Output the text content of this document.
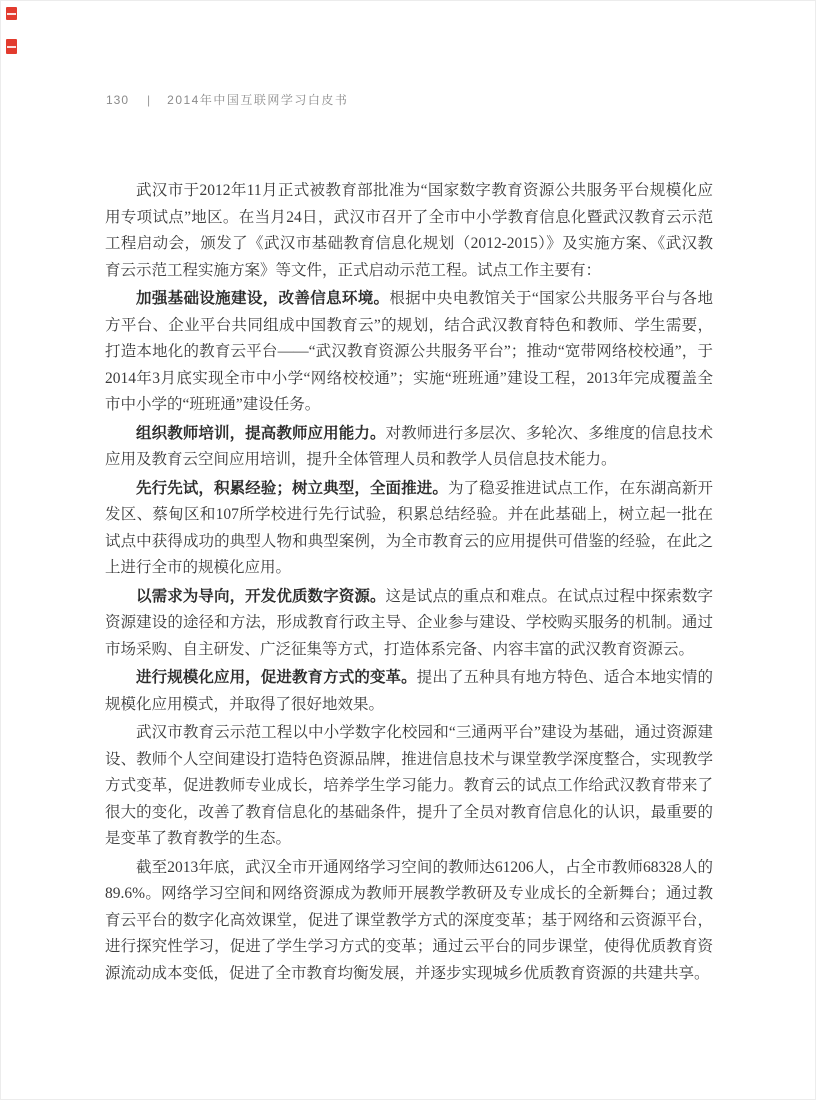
130 | 2014年中国互联网学习白皮书

武汉市于2012年11月正式被教育部批准为“国家数字教育资源公共服务平台规模化应用专项试点”地区。在当月24日，武汉市召开了全市中小学教育信息化暨武汉教育云示范工程启动会，颁发了《武汉市基础教育信息化规划（2012-2015）》及实施方案、《武汉教育云示范工程实施方案》等文件，正式启动示范工程。试点工作主要有：

加强基础设施建设，改善信息环境。根据中央电教馆关于“国家公共服务平台与各地方平台、企业平台共同组成中国教育云”的规划，结合武汉教育特色和教师、学生需要，打造本地化的教育云平台——“武汉教育资源公共服务平台”；推动“宽带网络校校通”，于2014年3月底实现全市中小学“网络校校通”；实施“班班通”建设工程，2013年完成覆盖全市中小学的“班班通”建设任务。

组织教师培训，提高教师应用能力。对教师进行多层次、多轮次、多维度的信息技术应用及教育云空间应用培训，提升全体管理人员和教学人员信息技术能力。

先行先试，积累经验；树立典型，全面推进。为了稳妥推进试点工作，在东湖高新开发区、蔡甸区和107所学校进行先行试验，积累总结经验。并在此基础上，树立起一批在试点中获得成功的典型人物和典型案例，为全市教育云的应用提供可借鉴的经验，在此之上进行全市的规模化应用。

以需求为导向，开发优质数字资源。这是试点的重点和难点。在试点过程中探索数字资源建设的途径和方法，形成教育行政主导、企业参与建设、学校购买服务的机制。通过市场采购、自主研发、广泛征集等方式，打造体系完备、内容丰富的武汉教育资源云。

进行规模化应用，促进教育方式的变革。提出了五种具有地方特色、适合本地实情的规模化应用模式，并取得了很好地效果。

武汉市教育云示范工程以中小学数字化校园和“三通两平台”建设为基础，通过资源建设、教师个人空间建设打造特色资源品牌，推进信息技术与课堂教学深度整合，实现教学方式变革，促进教师专业成长，培养学生学习能力。教育云的试点工作给武汉教育带来了很大的变化，改善了教育信息化的基础条件，提升了全员对教育信息化的认识，最重要的是变革了教育教学的生态。

截至2013年底，武汉全市开通网络学习空间的教师达61206人，占全市教师68328人的89.6%。网络学习空间和网络资源成为教师开展教学教研及专业成长的全新舞台；通过教育云平台的数字化高效课堂，促进了课堂教学方式的深度变革；基于网络和云资源平台，进行探究性学习，促进了学生学习方式的变革；通过云平台的同步课堂，使得优质教育资源流动成本变低，促进了全市教育均衡发展，并逐步实现城乡优质教育资源的共建共享。
